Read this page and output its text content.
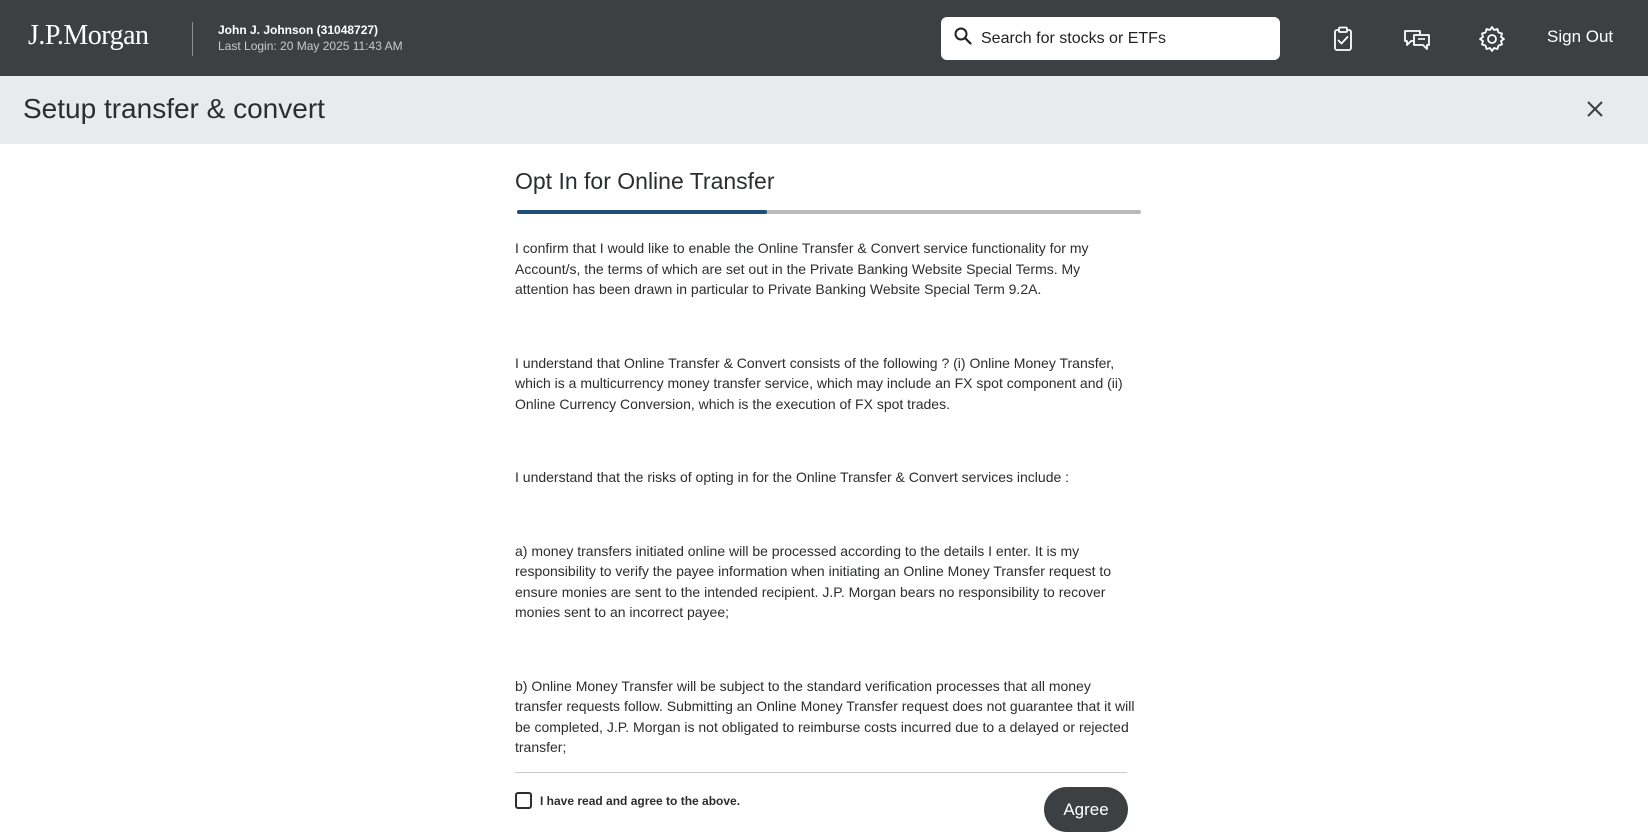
J.P.Morgan	John J. Johnson (31048727)
Last Login: 20 May 2025 11:43 AM
Search for stocks or ETFs	Sign Out
Setup transfer & convert
Opt In for Online Transfer

I confirm that I would like to enable the Online Transfer & Convert service functionality for my Account/s, the terms of which are set out in the Private Banking Website Special Terms. My attention has been drawn in particular to Private Banking Website Special Term 9.2A.

I understand that Online Transfer & Convert consists of the following ? (i) Online Money Transfer, which is a multicurrency money transfer service, which may include an FX spot component and (ii) Online Currency Conversion, which is the execution of FX spot trades.

I understand that the risks of opting in for the Online Transfer & Convert services include :

a) money transfers initiated online will be processed according to the details I enter. It is my responsibility to verify the payee information when initiating an Online Money Transfer request to ensure monies are sent to the intended recipient. J.P. Morgan bears no responsibility to recover monies sent to an incorrect payee;

b) Online Money Transfer will be subject to the standard verification processes that all money transfer requests follow. Submitting an Online Money Transfer request does not guarantee that it will be completed, J.P. Morgan is not obligated to reimburse costs incurred due to a delayed or rejected transfer;

I have read and agree to the above.	Agree
